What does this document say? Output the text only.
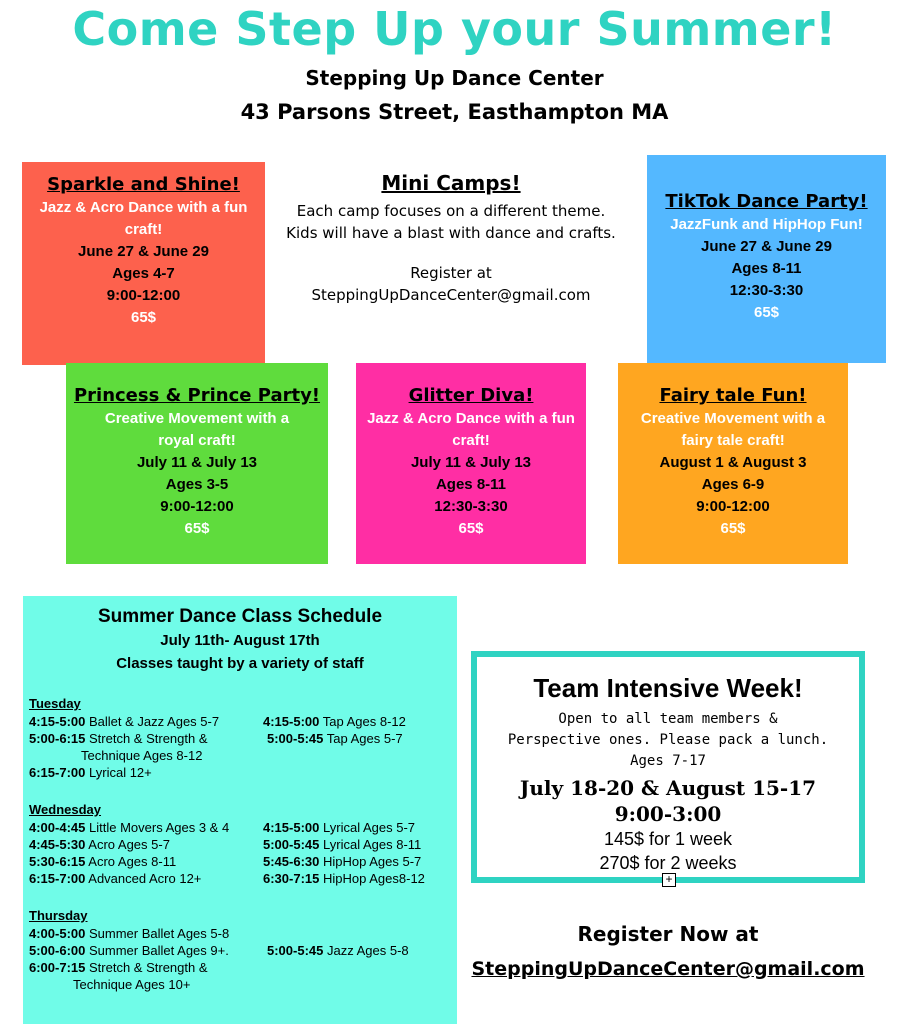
Come Step Up your Summer!
Stepping Up Dance Center
43 Parsons Street, Easthampton MA
Sparkle and Shine!
Jazz & Acro Dance with a fun craft!
June 27 & June 29
Ages 4-7
9:00-12:00
65$
Mini Camps!
Each camp focuses on a different theme.
Kids will have a blast with dance and crafts.
Register at
SteppingUpDanceCenter@gmail.com
TikTok Dance Party!
JazzFunk and HipHop Fun!
June 27 & June 29
Ages 8-11
12:30-3:30
65$
Princess & Prince Party!
Creative Movement with a royal craft!
July 11 & July 13
Ages 3-5
9:00-12:00
65$
Glitter Diva!
Jazz & Acro Dance with a fun craft!
July 11 & July 13
Ages 8-11
12:30-3:30
65$
Fairy tale Fun!
Creative Movement with a fairy tale craft!
August 1 & August 3
Ages 6-9
9:00-12:00
65$
Summer Dance Class Schedule
July 11th- August 17th
Classes taught by a variety of staff
Tuesday
4:15-5:00 Ballet & Jazz Ages 5-7
5:00-6:15 Stretch & Strength &
Technique Ages 8-12
6:15-7:00 Lyrical 12+
4:15-5:00 Tap Ages 8-12
5:00-5:45 Tap Ages 5-7
Wednesday
4:00-4:45 Little Movers Ages 3 & 4
4:45-5:30 Acro Ages 5-7
5:30-6:15 Acro Ages 8-11
6:15-7:00 Advanced Acro 12+
4:15-5:00 Lyrical Ages 5-7
5:00-5:45 Lyrical Ages 8-11
5:45-6:30 HipHop Ages 5-7
6:30-7:15 HipHop Ages8-12
Thursday
4:00-5:00 Summer Ballet Ages 5-8
5:00-6:00 Summer Ballet Ages 9+.
6:00-7:15 Stretch & Strength &
Technique Ages 10+
5:00-5:45 Jazz Ages 5-8
Team Intensive Week!
Open to all team members &
Perspective ones. Please pack a lunch.
Ages 7-17
July 18-20 & August 15-17
9:00-3:00
145$ for 1 week
270$ for 2 weeks
+
Register Now at
SteppingUpDanceCenter@gmail.com
